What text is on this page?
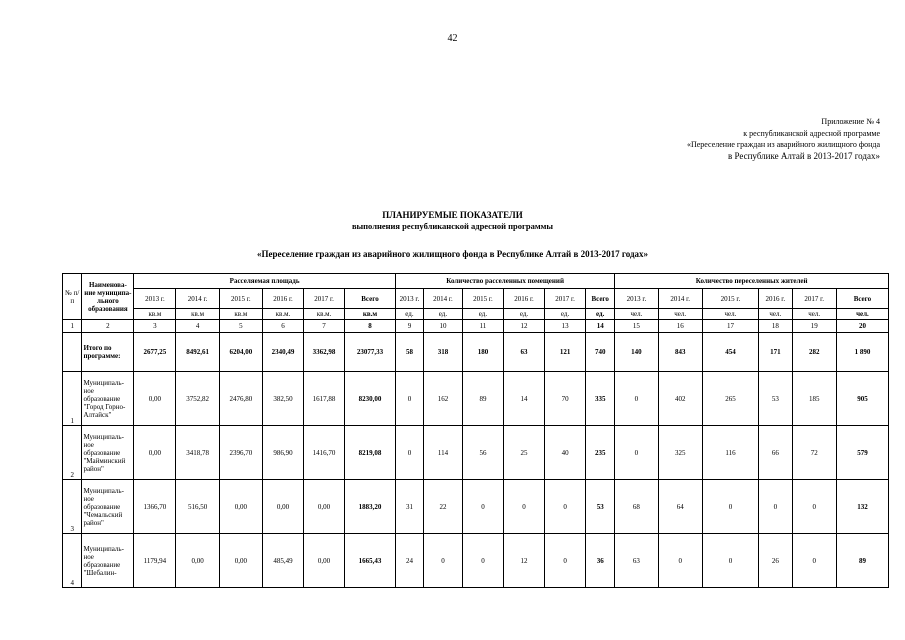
42
Приложение № 4
к республиканской адресной программе
«Переселение граждан из аварийного жилищного фонда
в Республике Алтай в 2013-2017 годах»
ПЛАНИРУЕМЫЕ ПОКАЗАТЕЛИ
выполнения республиканской адресной программы
«Переселение граждан из аварийного жилищного фонда в Республике Алтай в 2013-2017 годах»
№ п/п	Наименова-ние муниципа-льного образования	Расселяемая площадь						Количество расселенных помещений						Количество переселенных жителей					
		2013 г.	2014 г.	2015 г.	2016 г.	2017 г.	Всего	2013 г.	2014 г.	2015 г.	2016 г.	2017 г.	Всего	2013 г.	2014 г.	2015 г.	2016 г.	2017 г.	Всего
		кв.м	кв.м	кв.м	кв.м.	кв.м.	кв.м	ед.	ед.	ед.	ед.	ед.	ед.	чел.	чел.	чел.	чел.	чел.	чел.
1	2	3	4	5	6	7	8	9	10	11	12	13	14	15	16	17	18	19	20
	Итого по программе:	2677,25	8492,61	6204,00	2340,49	3362,98	23077,33	58	318	180	63	121	740	140	843	454	171	282	1 890
1	Муниципаль-ное образование "Город Горно-Алтайск"	0,00	3752,82	2476,80	382,50	1617,88	8230,00	0	162	89	14	70	335	0	402	265	53	185	905
2	Муниципаль-ное образование "Майминский район"	0,00	3418,78	2396,70	986,90	1416,70	8219,08	0	114	56	25	40	235	0	325	116	66	72	579
3	Муниципаль-ное образование "Чемальский район"	1366,70	516,50	0,00	0,00	0,00	1883,20	31	22	0	0	0	53	68	64	0	0	0	132
4	Муниципаль-ное образование "Шебалин-	1179,94	0,00	0,00	485,49	0,00	1665,43	24	0	0	12	0	36	63	0	0	26	0	89
